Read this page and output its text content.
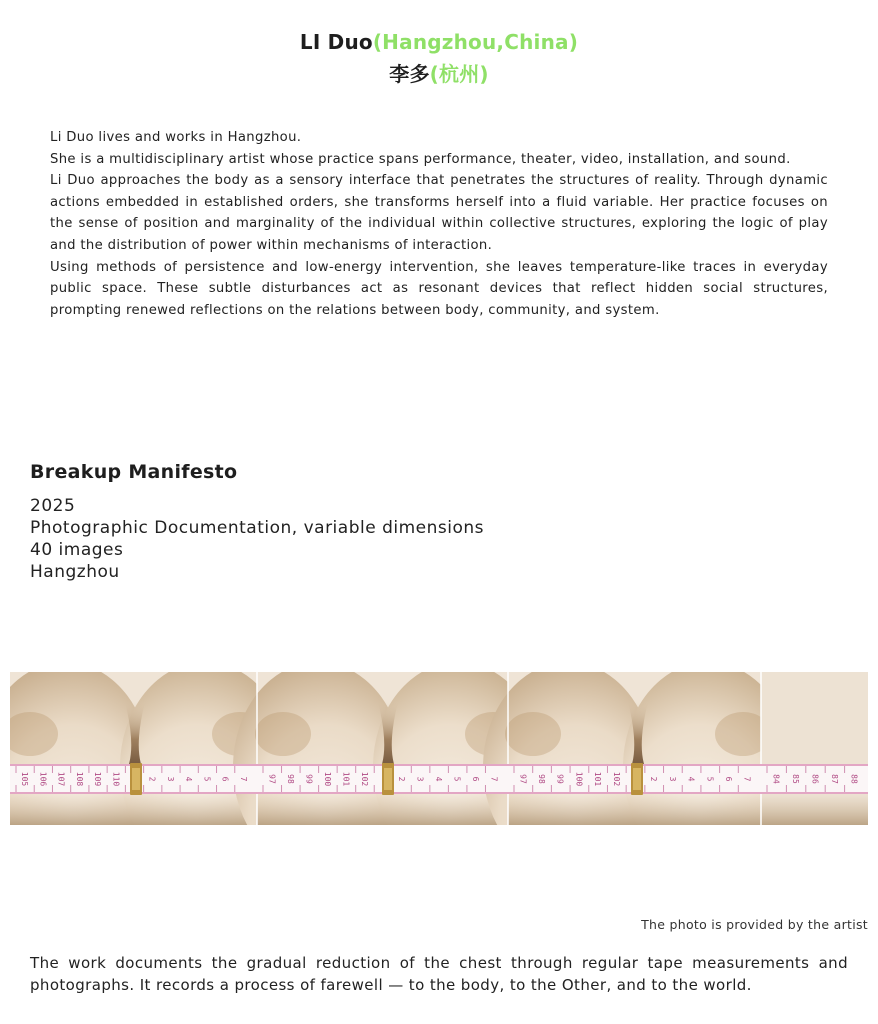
LI Duo(Hangzhou,China)
李多(杭州)

Li Duo lives and works in Hangzhou.

She is a multidisciplinary artist whose practice spans performance, theater, video, installation, and sound.

Li Duo approaches the body as a sensory interface that penetrates the structures of reality. Through dynamic actions embedded in established orders, she transforms herself into a fluid variable. Her practice focuses on the sense of position and marginality of the individual within collective structures, exploring the logic of play and the distribution of power within mechanisms of interaction.

Using methods of persistence and low-energy intervention, she leaves temperature-like traces in everyday public space. These subtle disturbances act as resonant devices that reflect hidden social structures, prompting renewed reflections on the relations between body, community, and system.

Breakup Manifesto
2025
Photographic Documentation, variable dimensions
40 images
Hangzhou
105 106 107 108 109 110	2 3 4 5 6 7 97 98 99 100 101 102	2 3 4 5 6 7 97 98 99 100 101 102	2 3 4 5 6 7	84 85 86 87 88
The photo is provided by the artist
The work documents the gradual reduction of the chest through regular tape measurements and photographs. It records a process of farewell — to the body, to the Other, and to the world.
